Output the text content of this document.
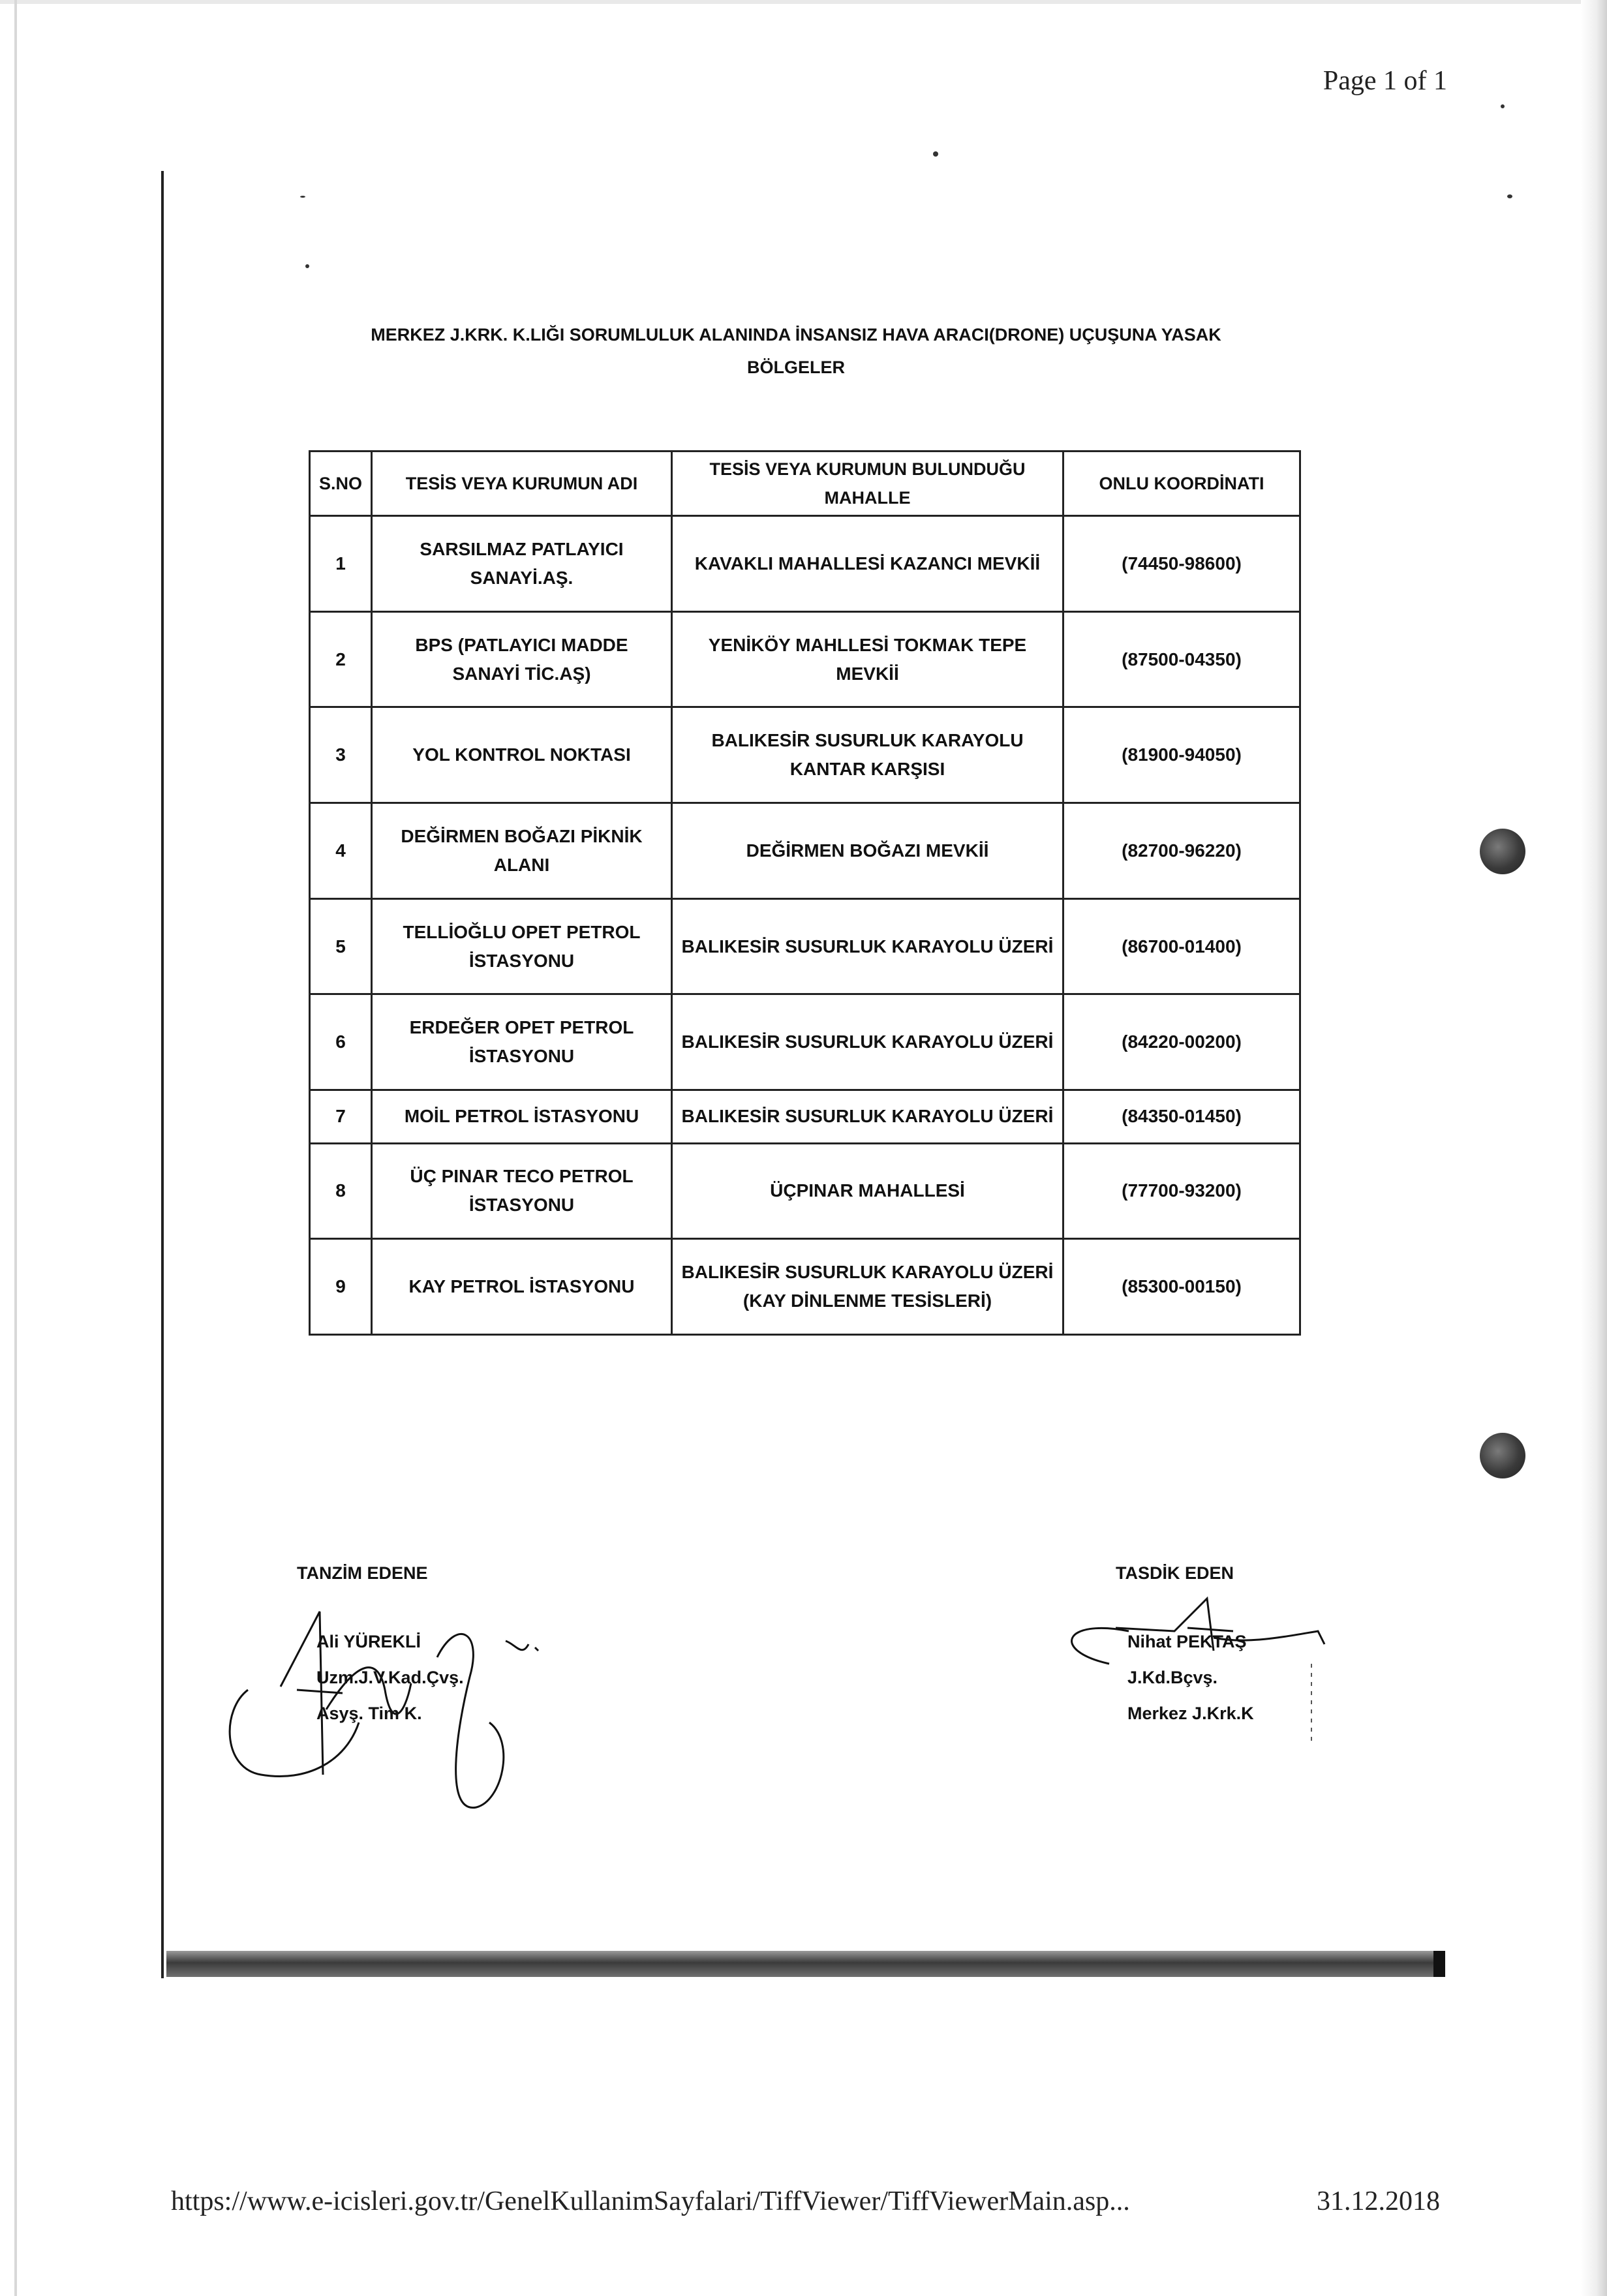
Page 1 of 1
MERKEZ J.KRK. K.LIĞI SORUMLULUK ALANINDA İNSANSIZ HAVA ARACI(DRONE) UÇUŞUNA YASAK
BÖLGELER
S.NO	TESİS VEYA KURUMUN ADI	TESİS VEYA KURUMUN BULUNDUĞU MAHALLE	ONLU KOORDİNATI
1	SARSILMAZ PATLAYICI SANAYİ.AŞ.	KAVAKLI MAHALLESİ KAZANCI MEVKİİ	(74450-98600)
2	BPS (PATLAYICI MADDE SANAYİ TİC.AŞ)	YENİKÖY MAHLLESİ TOKMAK TEPE MEVKİİ	(87500-04350)
3	YOL KONTROL NOKTASI	BALIKESİR SUSURLUK KARAYOLU KANTAR KARŞISI	(81900-94050)
4	DEĞİRMEN BOĞAZI PİKNİK ALANI	DEĞİRMEN BOĞAZI MEVKİİ	(82700-96220)
5	TELLİOĞLU OPET PETROL İSTASYONU	BALIKESİR SUSURLUK KARAYOLU ÜZERİ	(86700-01400)
6	ERDEĞER OPET PETROL İSTASYONU	BALIKESİR SUSURLUK KARAYOLU ÜZERİ	(84220-00200)
7	MOİL PETROL İSTASYONU	BALIKESİR SUSURLUK KARAYOLU ÜZERİ	(84350-01450)
8	ÜÇ PINAR TECO PETROL İSTASYONU	ÜÇPINAR MAHALLESİ	(77700-93200)
9	KAY PETROL İSTASYONU	BALIKESİR SUSURLUK KARAYOLU ÜZERİ (KAY DİNLENME TESİSLERİ)	(85300-00150)
TANZİM EDENE
Ali YÜREKLİ
Uzm.J.V.Kad.Çvş.
Asyş. Tim K.
TASDİK EDEN
Nihat PEKTAŞ
J.Kd.Bçvş.
Merkez J.Krk.K
https://www.e-icisleri.gov.tr/GenelKullanimSayfalari/TiffViewer/TiffViewerMain.asp...	31.12.2018
